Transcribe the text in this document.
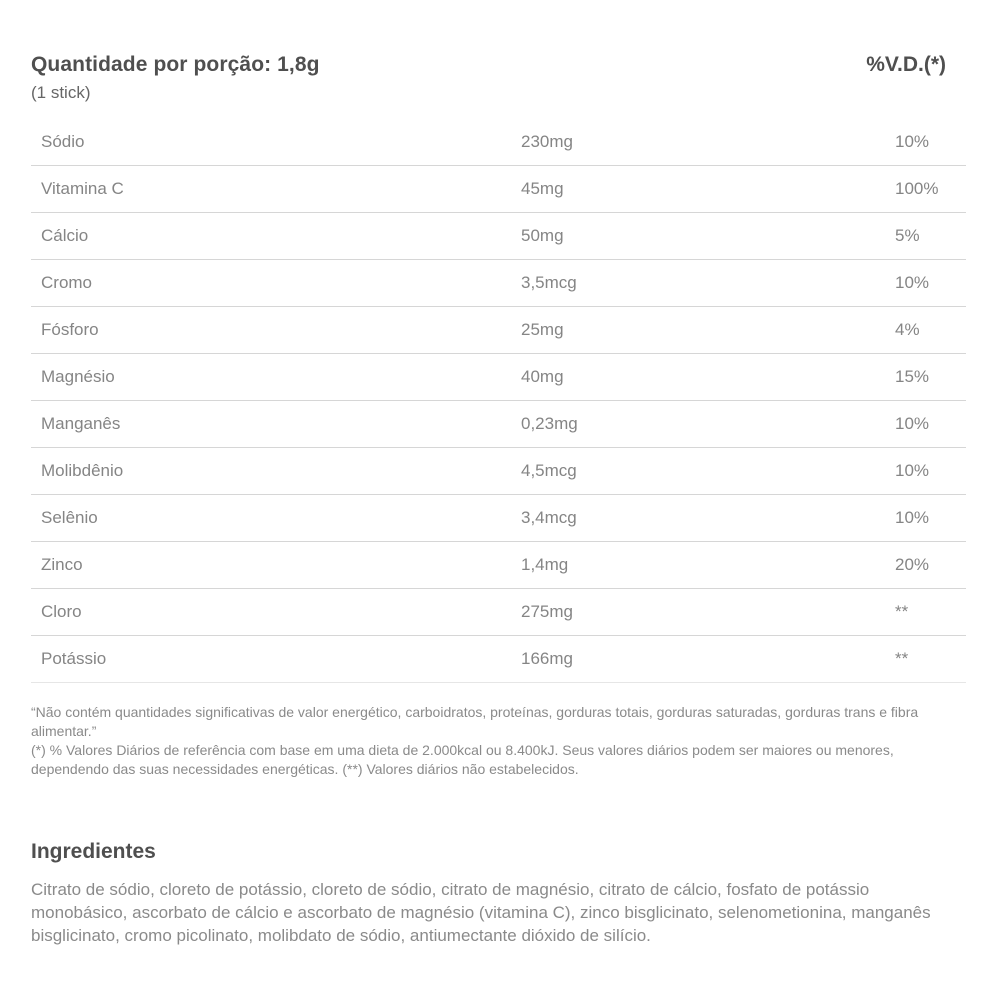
Quantidade por porção: 1,8g
(1 stick)
%V.D.(*)
Sódio	230mg	10%
Vitamina C	45mg	100%
Cálcio	50mg	5%
Cromo	3,5mcg	10%
Fósforo	25mg	4%
Magnésio	40mg	15%
Manganês	0,23mg	10%
Molibdênio	4,5mcg	10%
Selênio	3,4mcg	10%
Zinco	1,4mg	20%
Cloro	275mg	**
Potássio	166mg	**

“Não contém quantidades significativas de valor energético, carboidratos, proteínas, gorduras totais, gorduras saturadas, gorduras trans e fibra alimentar.”

(*) % Valores Diários de referência com base em uma dieta de 2.000kcal ou 8.400kJ. Seus valores diários podem ser maiores ou menores, dependendo das suas necessidades energéticas. (**) Valores diários não estabelecidos.

Ingredientes
Citrato de sódio, cloreto de potássio, cloreto de sódio, citrato de magnésio, citrato de cálcio, fosfato de potássio monobásico, ascorbato de cálcio e ascorbato de magnésio (vitamina C), zinco bisglicinato, selenometionina, manganês bisglicinato, cromo picolinato, molibdato de sódio, antiumectante dióxido de silício.
